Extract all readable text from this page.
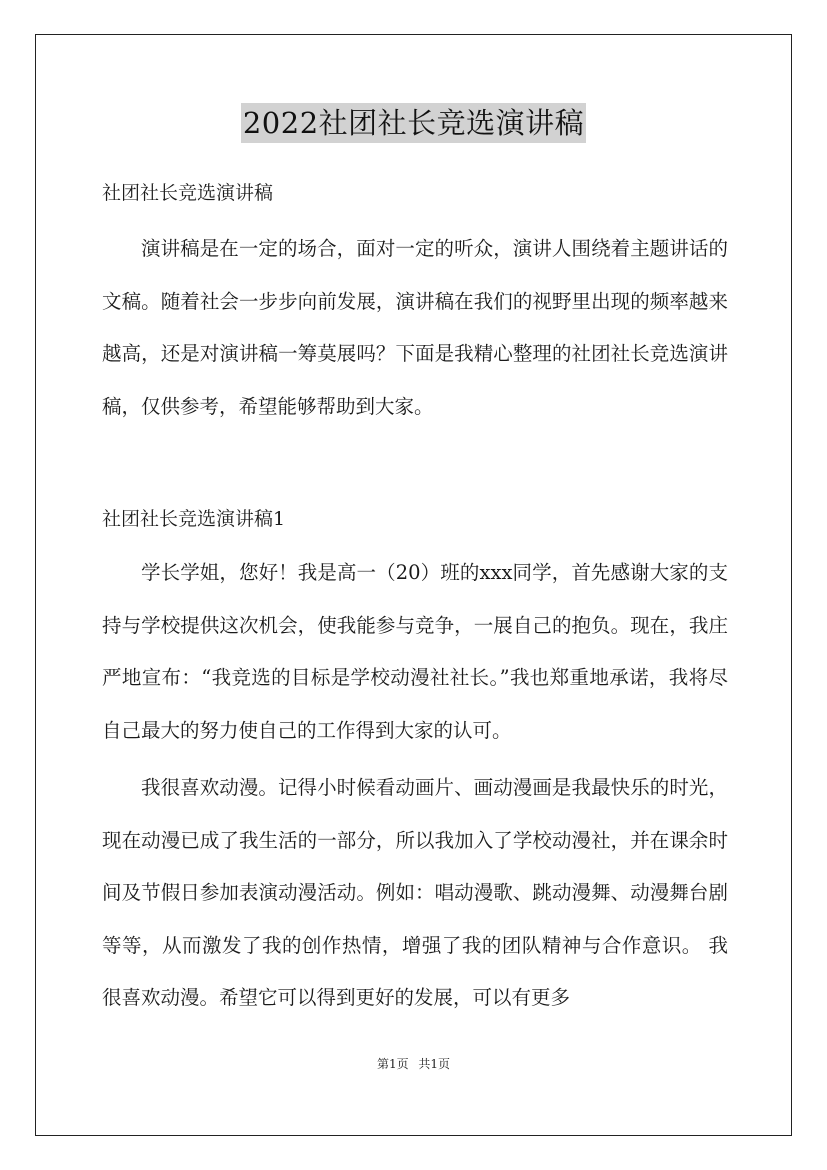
2022社团社长竞选演讲稿

社团社长竞选演讲稿

演讲稿是在一定的场合，面对一定的听众，演讲人围绕着主题讲话的文稿。随着社会一步步向前发展，演讲稿在我们的视野里出现的频率越来越高，还是对演讲稿一筹莫展吗？下面是我精心整理的社团社长竞选演讲稿，仅供参考，希望能够帮助到大家。

社团社长竞选演讲稿1

学长学姐，您好！我是高一（20）班的xxx同学，首先感谢大家的支持与学校提供这次机会，使我能参与竞争，一展自己的抱负。现在，我庄严地宣布：“我竞选的目标是学校动漫社社长。”我也郑重地承诺，我将尽自己最大的努力使自己的工作得到大家的认可。

我很喜欢动漫。记得小时候看动画片、画动漫画是我最快乐的时光，现在动漫已成了我生活的一部分，所以我加入了学校动漫社，并在课余时间及节假日参加表演动漫活动。例如：唱动漫歌、跳动漫舞、动漫舞台剧等等，从而激发了我的创作热情，增强了我的团队精神与合作意识。 我很喜欢动漫。希望它可以得到更好的发展，可以有更多

第1页 共1页
